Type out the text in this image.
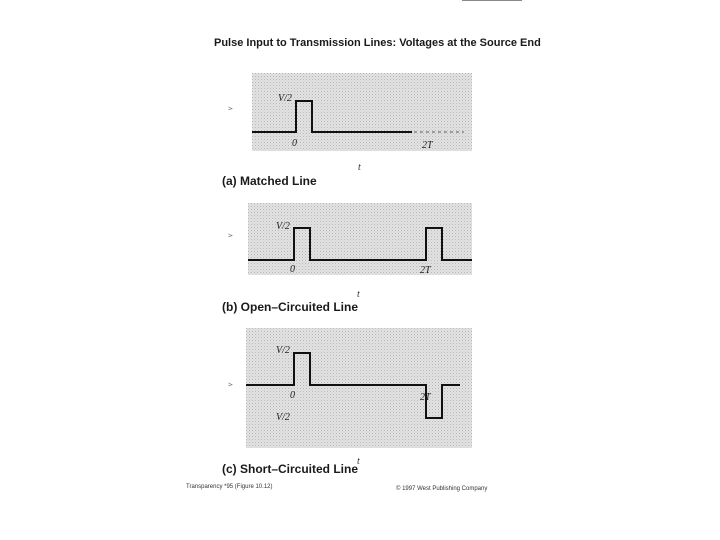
Pulse Input to Transmission Lines: Voltages at the Source End
v
V/2
0	2T
t
(a) Matched Line
v
V/2
0	2T
t
(b) Open–Circuited Line
v
V/2
0	2T
V/2
t
(c) Short–Circuited Line
Transparency *95 (Figure 10.12)	© 1997 West Publishing Company
